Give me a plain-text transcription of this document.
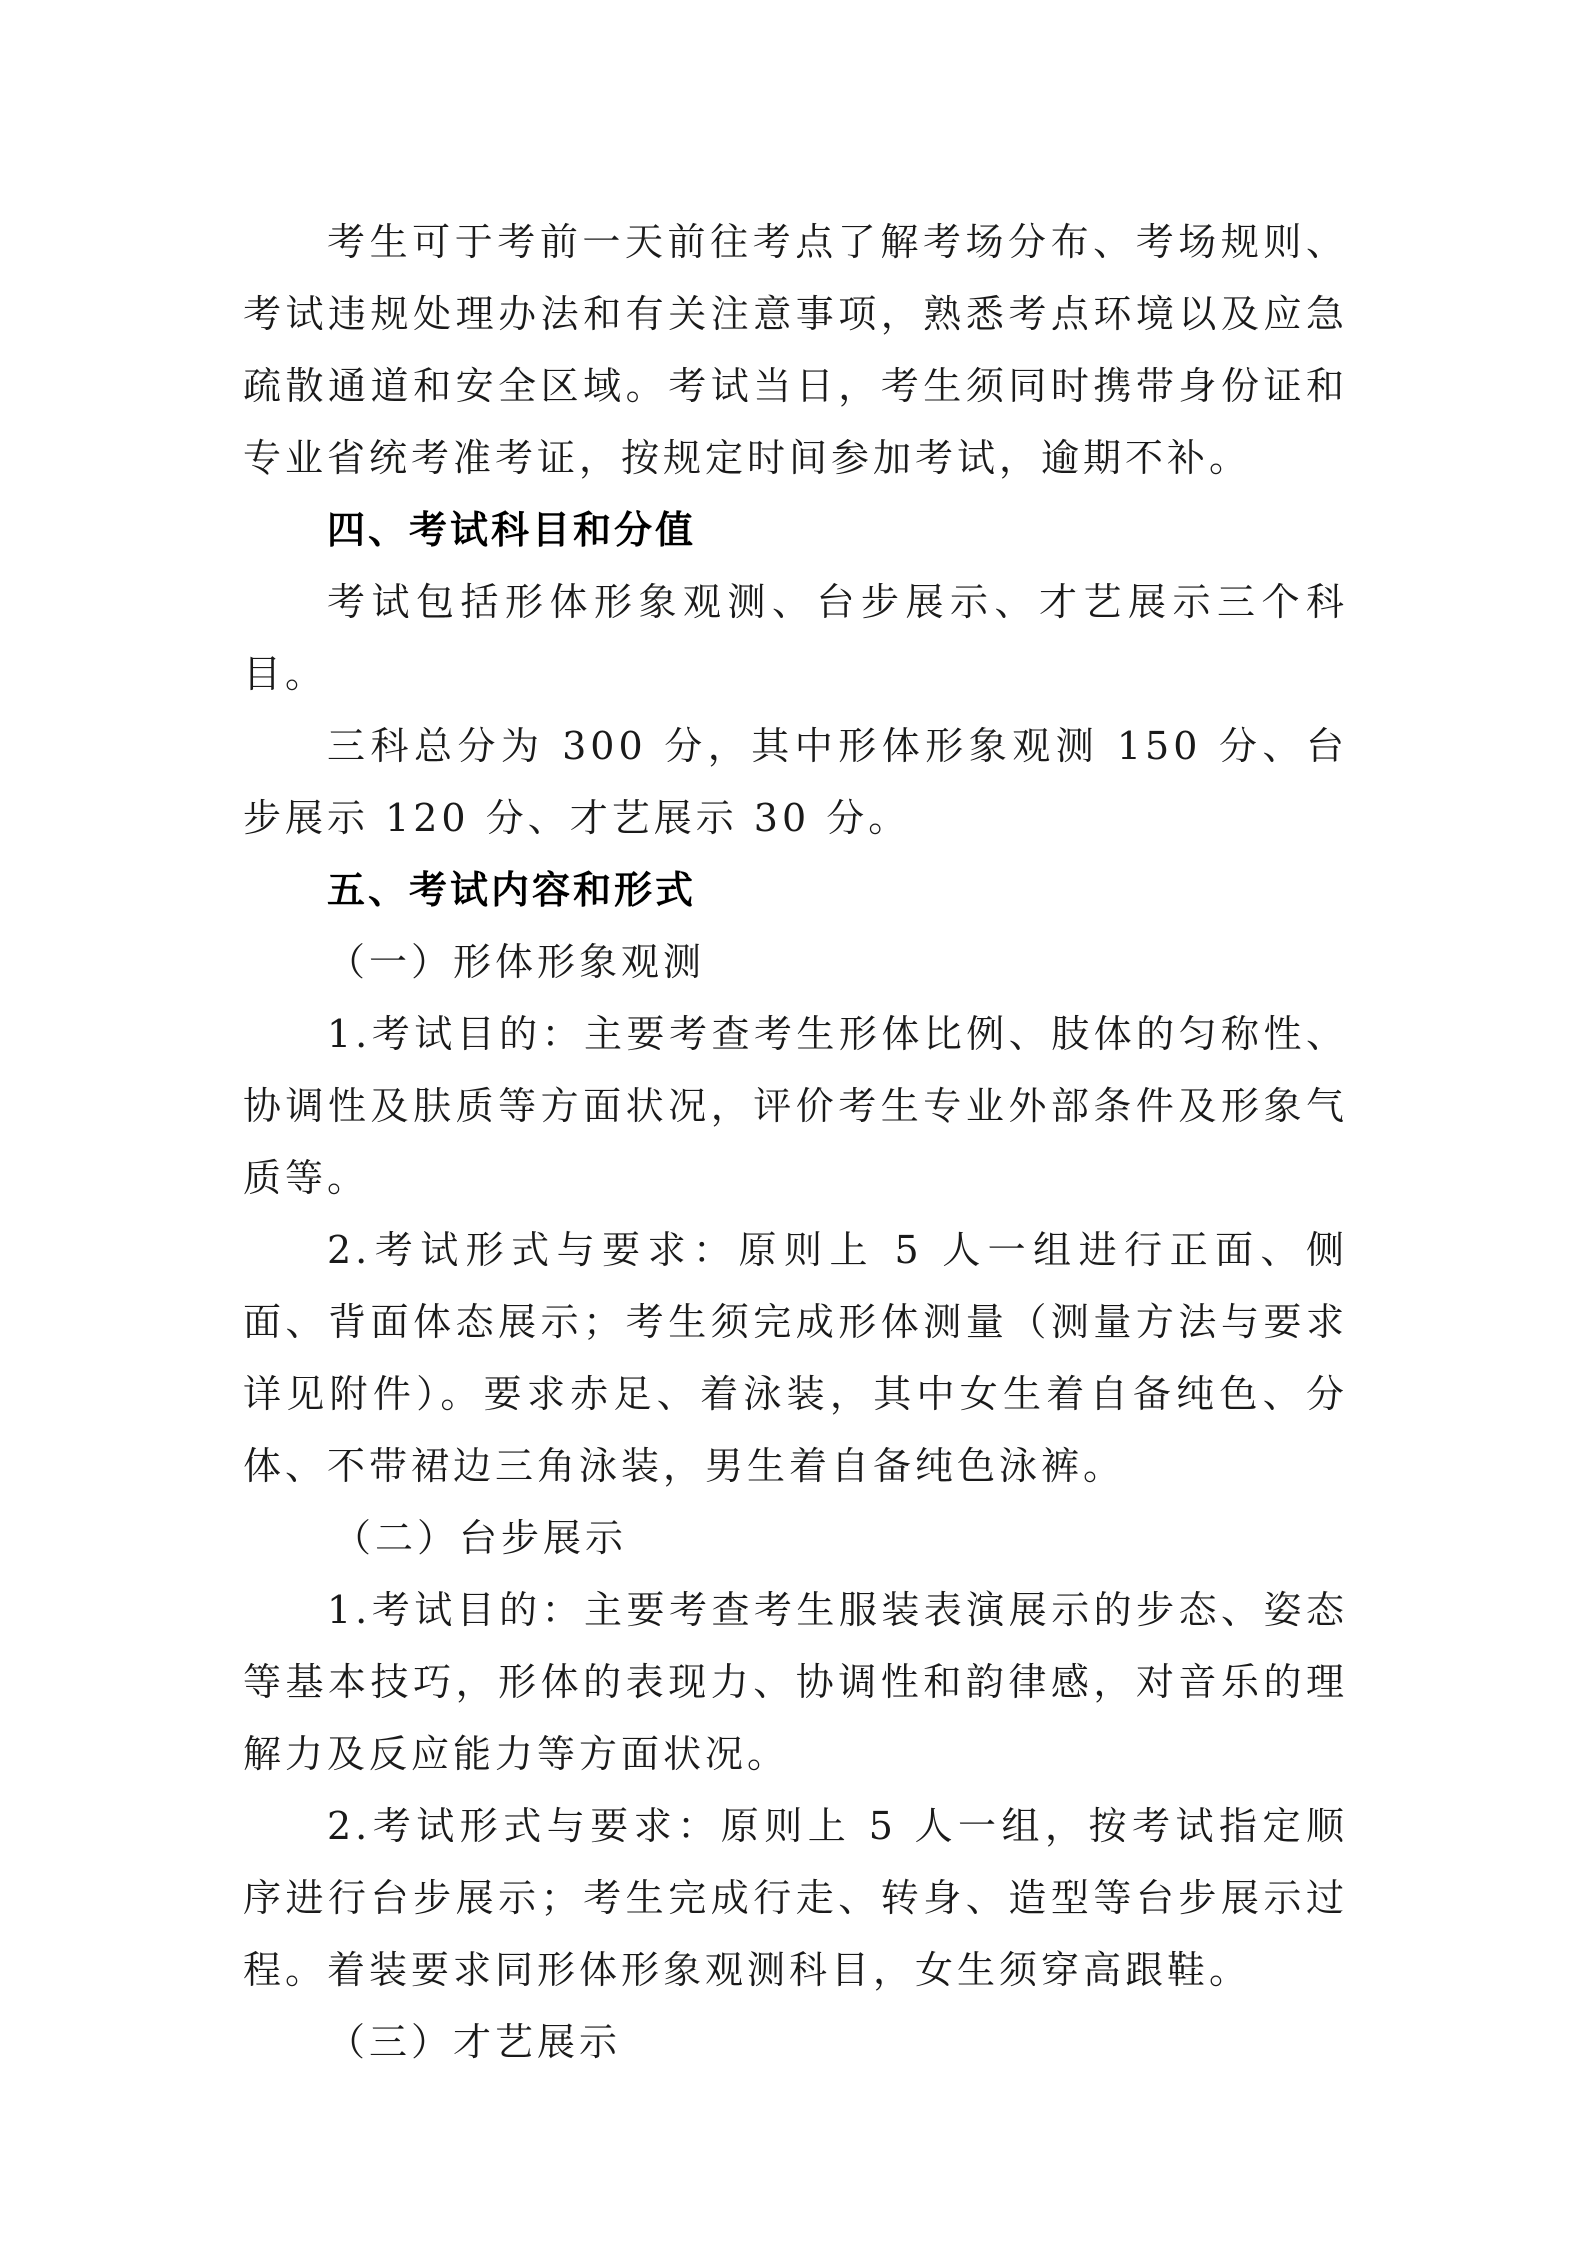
考生可于考前一天前往考点了解考场分布、考场规则、考试违规处理办法和有关注意事项，熟悉考点环境以及应急疏散通道和安全区域。考试当日，考生须同时携带身份证和专业省统考准考证，按规定时间参加考试，逾期不补。

四、考试科目和分值

考试包括形体形象观测、台步展示、才艺展示三个科目。

三科总分为 300 分，其中形体形象观测 150 分、台步展示 120 分、才艺展示 30 分。

五、考试内容和形式

（一）形体形象观测

1.考试目的：主要考查考生形体比例、肢体的匀称性、协调性及肤质等方面状况，评价考生专业外部条件及形象气质等。

2.考试形式与要求：原则上 5 人一组进行正面、侧面、背面体态展示；考生须完成形体测量（测量方法与要求详见附件）。要求赤足、着泳装，其中女生着自备纯色、分体、不带裙边三角泳装，男生着自备纯色泳裤。

（二）台步展示

1.考试目的：主要考查考生服装表演展示的步态、姿态等基本技巧，形体的表现力、协调性和韵律感，对音乐的理解力及反应能力等方面状况。

2.考试形式与要求：原则上 5 人一组，按考试指定顺序进行台步展示；考生完成行走、转身、造型等台步展示过程。着装要求同形体形象观测科目，女生须穿高跟鞋。

（三）才艺展示
